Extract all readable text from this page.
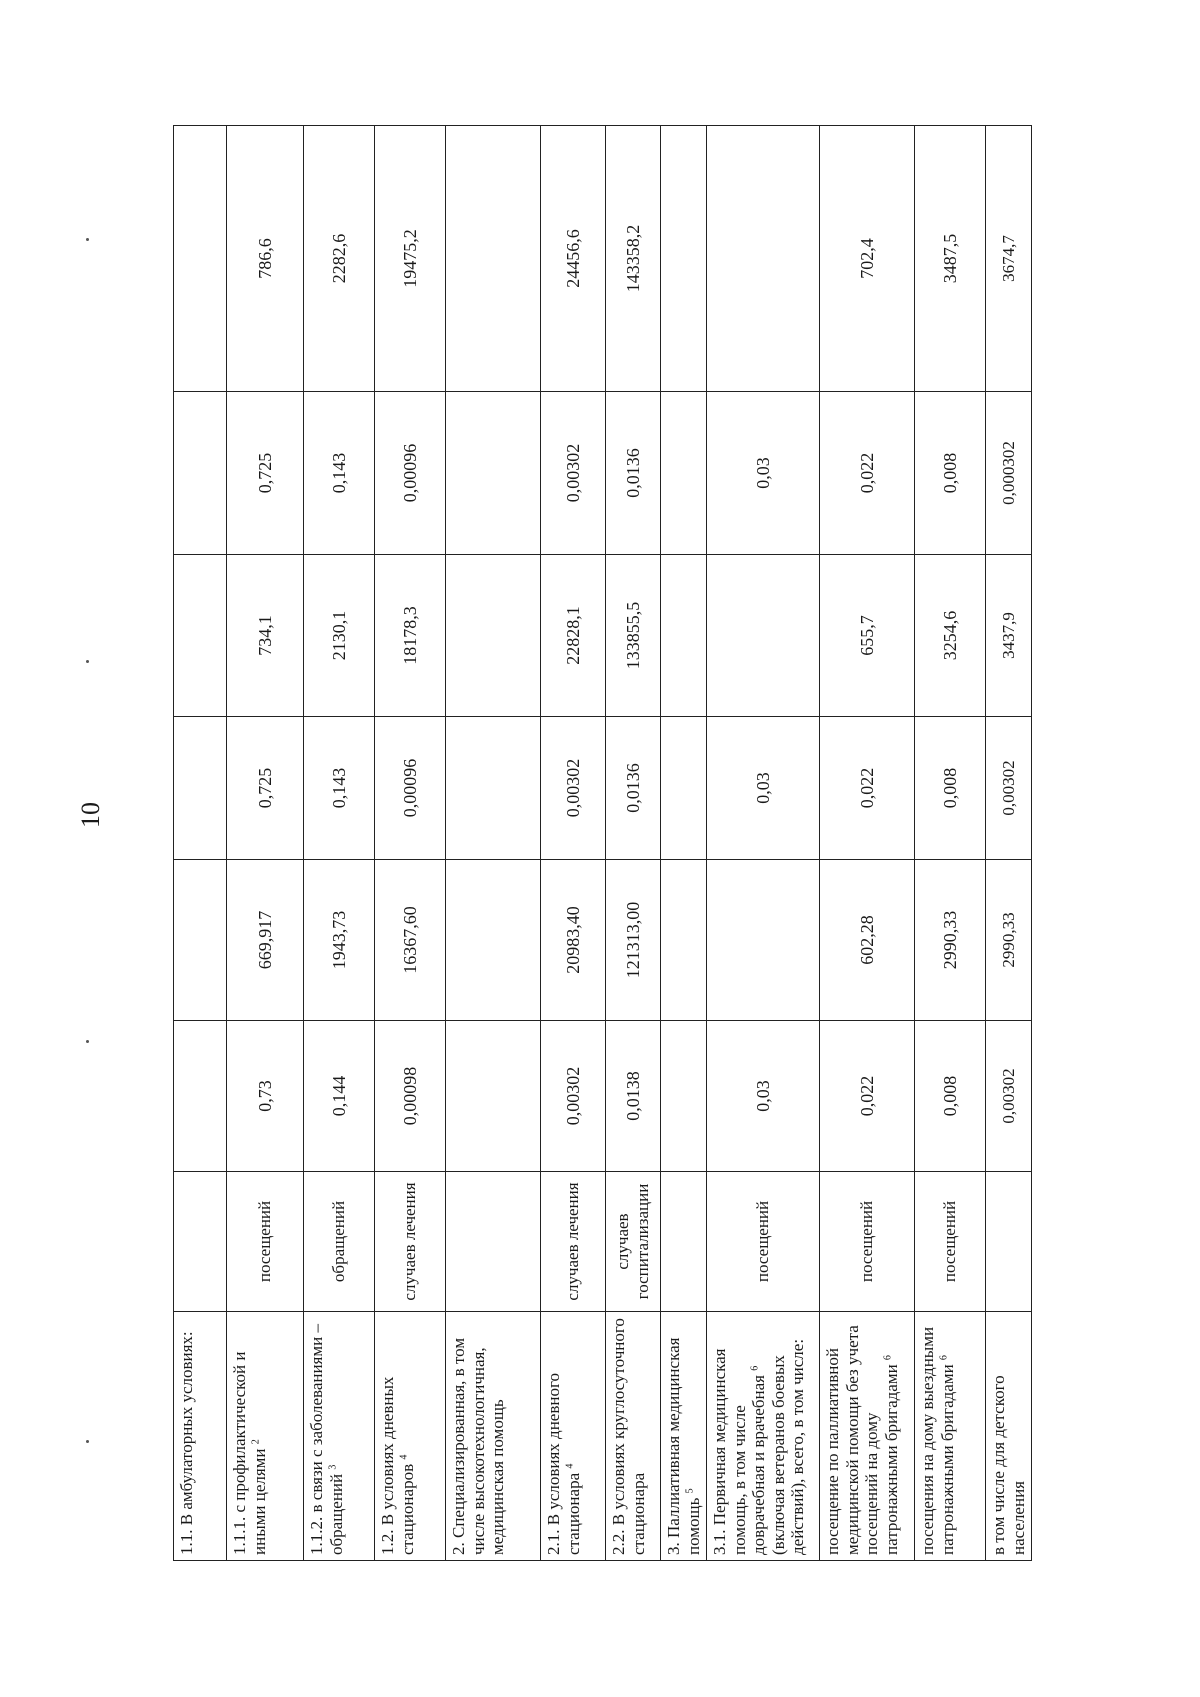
10
1.1. В амбулаторных условиях:							
1.1.1. с профилактической и иными целями $^2$	посещений	0,73	669,917	0,725	734,1	0,725	786,6
1.1.2. в связи с заболеваниями – обращений $^3$	обращений	0,144	1943,73	0,143	2130,1	0,143	2282,6
1.2. В условиях дневных стационаров $^4$	случаев лечения	0,00098	16367,60	0,00096	18178,3	0,00096	19475,2
2. Специализированная, в том числе высокотехнологичная, медицинская помощь							
2.1. В условиях дневного стационара $^4$	случаев лечения	0,00302	20983,40	0,00302	22828,1	0,00302	24456,6
2.2. В условиях круглосуточного стационара	случаев госпитализации	0,0138	121313,00	0,0136	133855,5	0,0136	143358,2
3. Паллиативная медицинская помощь $^5$							
3.1. Первичная медицинская помощь, в том числе доврачебная и врачебная $^6$ (включая ветеранов боевых действий), всего, в том числе:	посещений	0,03		0,03		0,03	
посещение по паллиативной медицинской помощи без учета посещений на дому патронажными бригадами $^6$	посещений	0,022	602,28	0,022	655,7	0,022	702,4
посещения на дому выездными патронажными бригадами $^6$	посещений	0,008	2990,33	0,008	3254,6	0,008	3487,5
в том числе для детского населения		0,00302	2990,33	0,00302	3437,9	0,000302	3674,7
